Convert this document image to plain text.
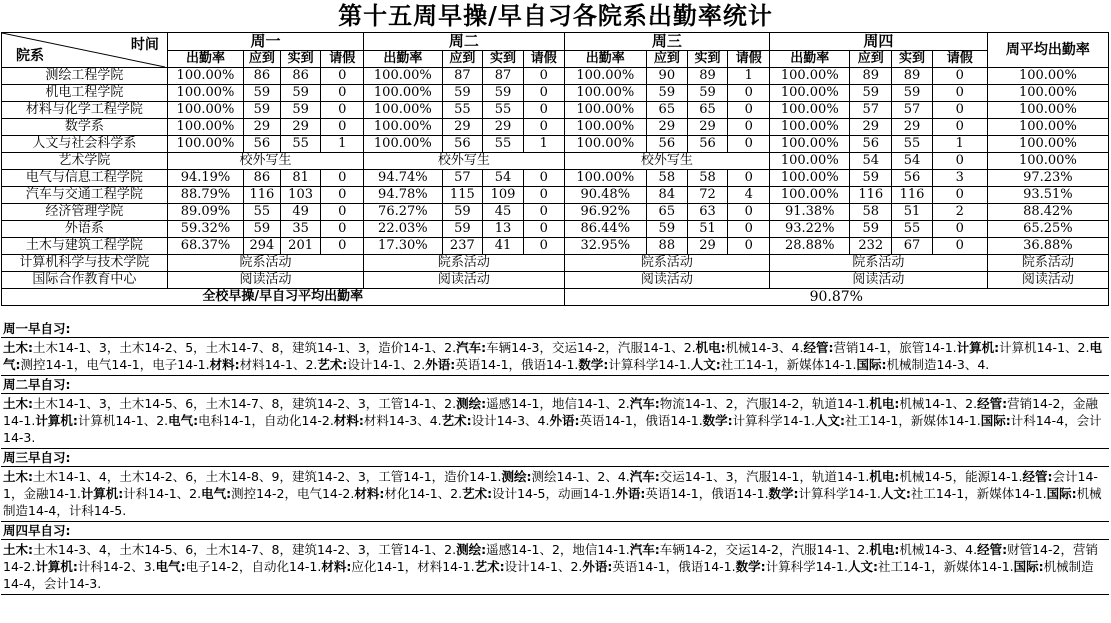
第十五周早操/早自习各院系出勤率统计
时间
院系	周一				周二				周三				周四				周平均出勤率
	出勤率	应到	实到	请假	出勤率	应到	实到	请假	出勤率	应到	实到	请假	出勤率	应到	实到	请假	
测绘工程学院	100.00%	86	86	0	100.00%	87	87	0	100.00%	90	89	1	100.00%	89	89	0	100.00%
机电工程学院	100.00%	59	59	0	100.00%	59	59	0	100.00%	59	59	0	100.00%	59	59	0	100.00%
材料与化学工程学院	100.00%	59	59	0	100.00%	55	55	0	100.00%	65	65	0	100.00%	57	57	0	100.00%
数学系	100.00%	29	29	0	100.00%	29	29	0	100.00%	29	29	0	100.00%	29	29	0	100.00%
人文与社会科学系	100.00%	56	55	1	100.00%	56	55	1	100.00%	56	56	0	100.00%	56	55	1	100.00%
艺术学院	校外写生				校外写生				校外写生				100.00%	54	54	0	100.00%
电气与信息工程学院	94.19%	86	81	0	94.74%	57	54	0	100.00%	58	58	0	100.00%	59	56	3	97.23%
汽车与交通工程学院	88.79%	116	103	0	94.78%	115	109	0	90.48%	84	72	4	100.00%	116	116	0	93.51%
经济管理学院	89.09%	55	49	0	76.27%	59	45	0	96.92%	65	63	0	91.38%	58	51	2	88.42%
外语系	59.32%	59	35	0	22.03%	59	13	0	86.44%	59	51	0	93.22%	59	55	0	65.25%
土木与建筑工程学院	68.37%	294	201	0	17.30%	237	41	0	32.95%	88	29	0	28.88%	232	67	0	36.88%
计算机科学与技术学院	院系活动				院系活动				院系活动				院系活动				院系活动
国际合作教育中心	阅读活动				阅读活动				阅读活动				阅读活动				阅读活动
全校早操/早自习平均出勤率									90.87%								
周一早自习:
土木:土木14-1、3，土木14-2、5，土木14-7、8，建筑14-1、3，造价14-1、2.汽车:车辆14-3，交运14-2，汽服14-1、2.机电:机械14-3、4.经管:营销14-1，旅管14-1.计算机:计算机14-1、2.电气:测控14-1，电气14-1，电子14-1.材料:材料14-1、2.艺术:设计14-1、2.外语:英语14-1，俄语14-1.数学:计算科学14-1.人文:社工14-1，新媒体14-1.国际:机械制造14-3、4.
周二早自习:
土木:土木14-1、3，土木14-5、6，土木14-7、8，建筑14-2、3，工管14-1、2.测绘:遥感14-1，地信14-1、2.汽车:物流14-1、2，汽服14-2，轨道14-1.机电:机械14-1、2.经管:营销14-2，金融14-1.计算机:计算机14-1、2.电气:电科14-1，自动化14-2.材料:材料14-3、4.艺术:设计14-3、4.外语:英语14-1，俄语14-1.数学:计算科学14-1.人文:社工14-1，新媒体14-1.国际:计科14-4，会计14-3.
周三早自习:
土木:土木14-1、4，土木14-2、6，土木14-8、9，建筑14-2、3，工管14-1，造价14-1.测绘:测绘14-1、2、4.汽车:交运14-1、3，汽服14-1，轨道14-1.机电:机械14-5，能源14-1.经管:会计14-1，金融14-1.计算机:计科14-1、2.电气:测控14-2，电气14-2.材料:材化14-1、2.艺术:设计14-5，动画14-1.外语:英语14-1，俄语14-1.数学:计算科学14-1.人文:社工14-1，新媒体14-1.国际:机械制造14-4，计科14-5.
周四早自习:
土木:土木14-3、4，土木14-5、6，土木14-7、8，建筑14-2、3，工管14-1、2.测绘:遥感14-1、2，地信14-1.汽车:车辆14-2，交运14-2，汽服14-1、2.机电:机械14-3、4.经管:财管14-2，营销14-2.计算机:计科14-2、3.电气:电子14-2，自动化14-1.材料:应化14-1，材料14-1.艺术:设计14-1、2.外语:英语14-1，俄语14-1.数学:计算科学14-1.人文:社工14-1，新媒体14-1.国际:机械制造14-4，会计14-3.
